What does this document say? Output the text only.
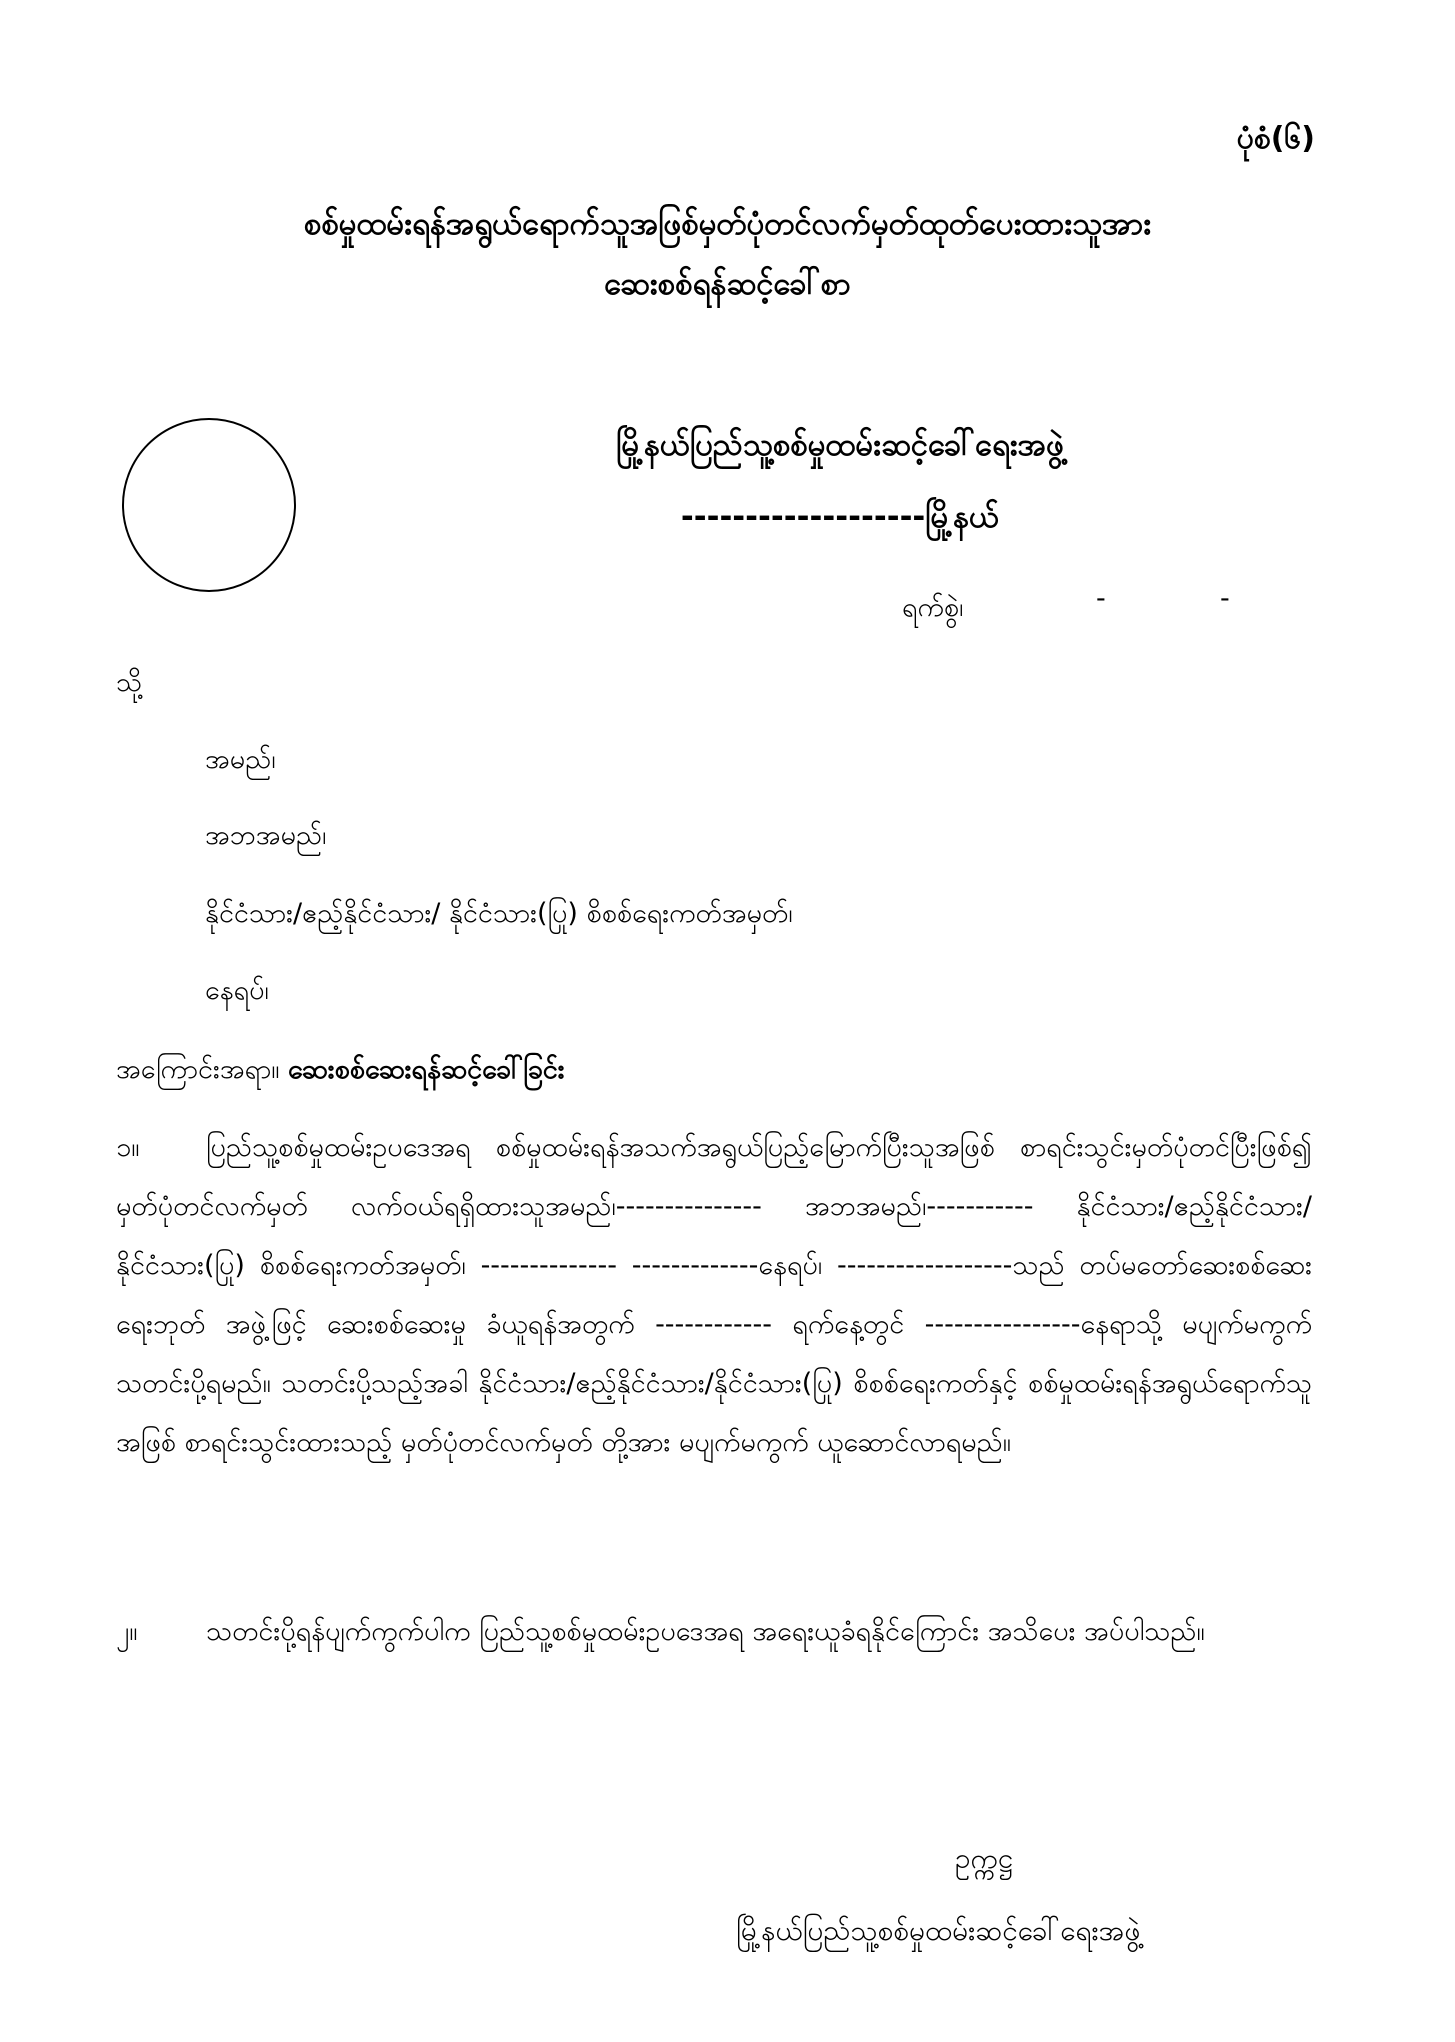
ပုံစံ(၆)
စစ်မှုထမ်းရန်အရွယ်ရောက်သူအဖြစ်မှတ်ပုံတင်လက်မှတ်ထုတ်ပေးထားသူအား
ဆေးစစ်ရန်ဆင့်ခေါ်စာ
မြို့နယ်ပြည်သူ့စစ်မှုထမ်းဆင့်ခေါ်ရေးအဖွဲ့
-------------------မြို့နယ်
ရက်စွဲ၊	-	-
သို့
အမည်၊
အဘအမည်၊
နိုင်ငံသား/ဧည့်နိုင်ငံသား/ နိုင်ငံသား(ပြု) စိစစ်ရေးကတ်အမှတ်၊
နေရပ်၊
အကြောင်းအရာ။ ဆေးစစ်ဆေးရန်ဆင့်ခေါ်ခြင်း
၁။ ပြည်သူ့စစ်မှုထမ်းဥပဒေအရ စစ်မှုထမ်းရန်အသက်အရွယ်ပြည့်မြောက်ပြီးသူအဖြစ် စာရင်းသွင်းမှတ်ပုံတင်ပြီးဖြစ်၍ မှတ်ပုံတင်လက်မှတ် လက်ဝယ်ရရှိထားသူအမည်၊--------------- အဘအမည်၊----------- နိုင်ငံသား/ဧည့်နိုင်ငံသား/ နိုင်ငံသား(ပြု) စိစစ်ရေးကတ်အမှတ်၊ -------------- -------------နေရပ်၊ ------------------သည် တပ်မတော်ဆေးစစ်ဆေးရေးဘုတ် အဖွဲ့ဖြင့် ဆေးစစ်ဆေးမှု ခံယူရန်အတွက် ------------ ရက်နေ့တွင် ----------------နေရာသို့ မပျက်မကွက် သတင်းပို့ရမည်။ သတင်းပို့သည့်အခါ နိုင်ငံသား/ဧည့်နိုင်ငံသား/နိုင်ငံသား(ပြု) စိစစ်ရေးကတ်နှင့် စစ်မှုထမ်းရန်အရွယ်ရောက်သူအဖြစ် စာရင်းသွင်းထားသည့် မှတ်ပုံတင်လက်မှတ် တို့အား မပျက်မကွက် ယူဆောင်လာရမည်။
၂။	သတင်းပို့ရန်ပျက်ကွက်ပါက ပြည်သူ့စစ်မှုထမ်းဥပဒေအရ အရေးယူခံရနိုင်ကြောင်း အသိပေး အပ်ပါသည်။
ဥက္ကဋ္ဌ
မြို့နယ်ပြည်သူ့စစ်မှုထမ်းဆင့်ခေါ်ရေးအဖွဲ့
